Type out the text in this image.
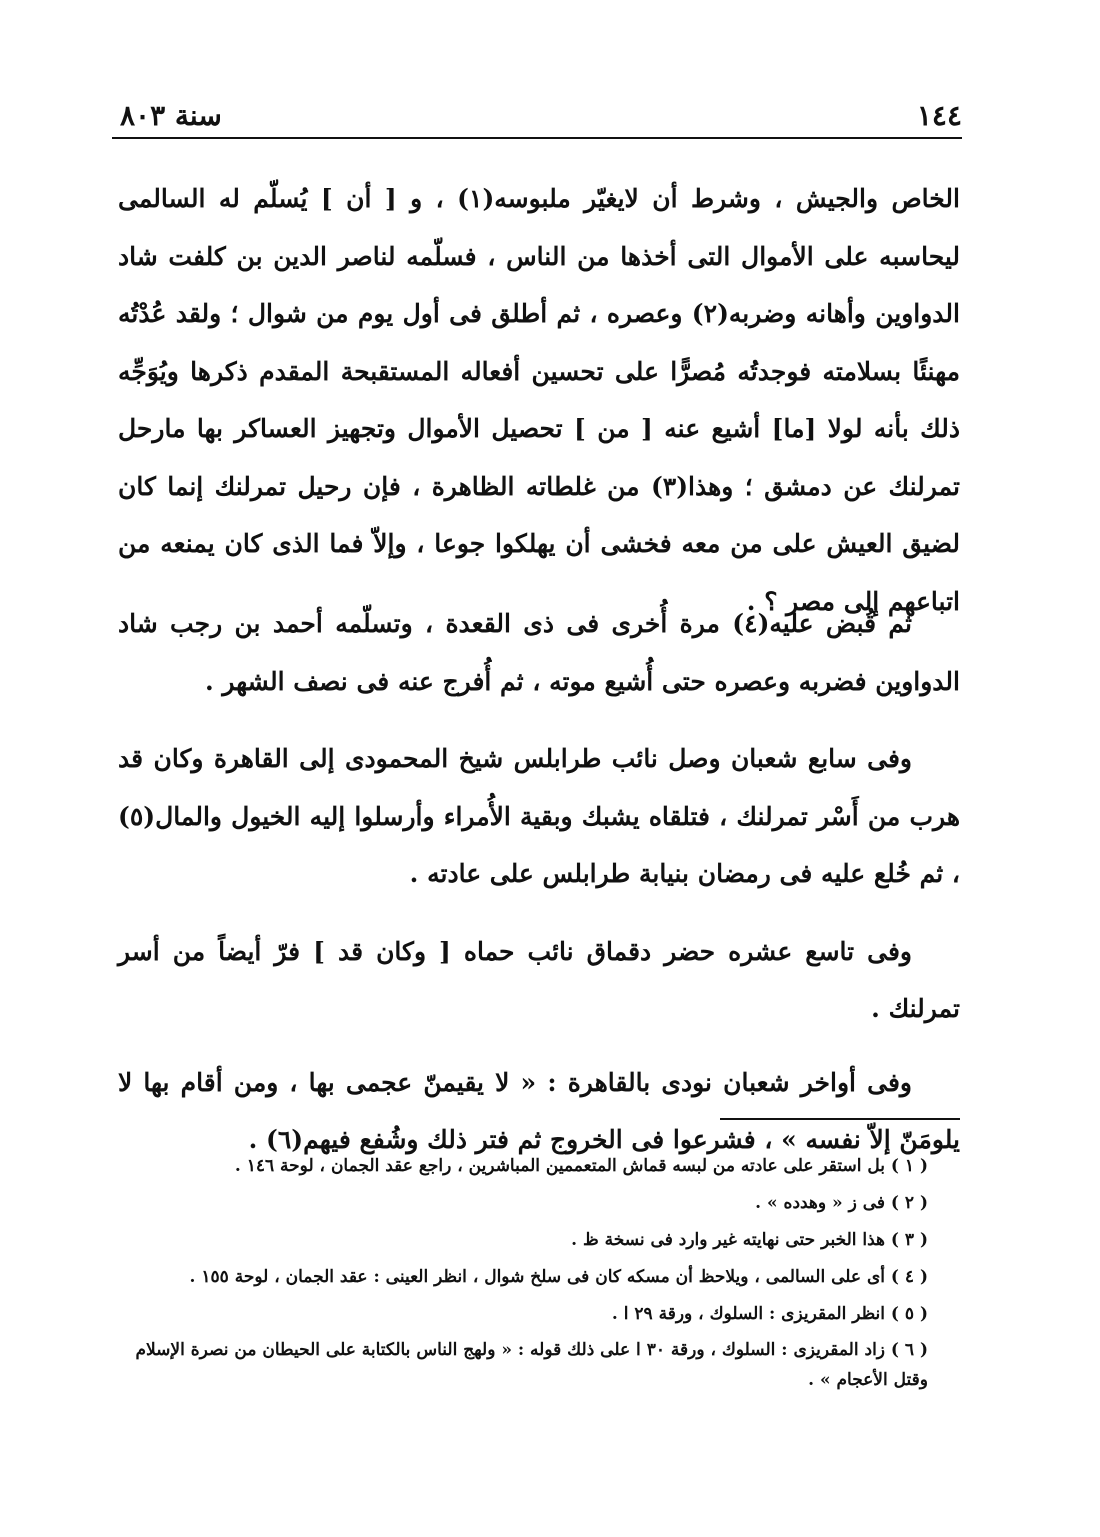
١٤٤
سنة ٨٠٣

الخاص والجيش ، وشرط أن لايغيّر ملبوسه(١) ، و [ أن ] يُسلّم له السالمى ليحاسبه على الأموال التى أخذها من الناس ، فسلّمه لناصر الدين بن كلفت شاد الدواوين وأهانه وضربه(٢) وعصره ، ثم أطلق فى أول يوم من شوال ؛ ولقد عُدْتُه مهنئًا بسلامته فوجدتُه مُصرًّا على تحسين أفعاله المستقبحة المقدم ذكرها ويُوَجِّه ذلك بأنه لولا [ما] أشيع عنه [ من ] تحصيل الأموال وتجهيز العساكر بها مارحل تمرلنك عن دمشق ؛ وهذا(٣) من غلطاته الظاهرة ، فإن رحيل تمرلنك إنما كان لضيق العيش على من معه فخشى أن يهلكوا جوعا ، وإلاّ فما الذى كان يمنعه من اتباعهم إلى مصر ؟ .

ثم قُبض عليه(٤) مرة أُخرى فى ذى القعدة ، وتسلّمه أحمد بن رجب شاد الدواوين فضربه وعصره حتى أُشيع موته ، ثم أُفرج عنه فى نصف الشهر .

وفى سابع شعبان وصل نائب طرابلس شيخ المحمودى إلى القاهرة وكان قد هرب من أَسْر تمرلنك ، فتلقاه يشبك وبقية الأُمراء وأرسلوا إليه الخيول والمال(٥) ، ثم خُلع عليه فى رمضان بنيابة طرابلس على عادته .

وفى تاسع عشره حضر دقماق نائب حماه [ وكان قد ] فرّ أيضاً من أسر تمرلنك .

وفى أواخر شعبان نودى بالقاهرة : « لا يقيمنّ عجمى بها ، ومن أقام بها لا يلومَنّ إلاّ نفسه » ، فشرعوا فى الخروج ثم فتر ذلك وشُفع فيهم(٦) .

( ١ ) بل استقر على عادته من لبسه قماش المتعممين المباشرين ، راجع عقد الجمان ، لوحة ١٤٦ .

( ٢ ) فى ز « وهدده » .

( ٣ ) هذا الخبر حتى نهايته غير وارد فى نسخة ظ .

( ٤ ) أى على السالمى ، ويلاحظ أن مسكه كان فى سلخ شوال ، انظر العينى : عقد الجمان ، لوحة ١٥٥ .

( ٥ ) انظر المقريزى : السلوك ، ورقة ٢٩ ا .

( ٦ ) زاد المقريزى : السلوك ، ورقة ٣٠ ا على ذلك قوله : « ولهج الناس بالكتابة على الحيطان من نصرة الإسلام وقتل الأعجام » .
